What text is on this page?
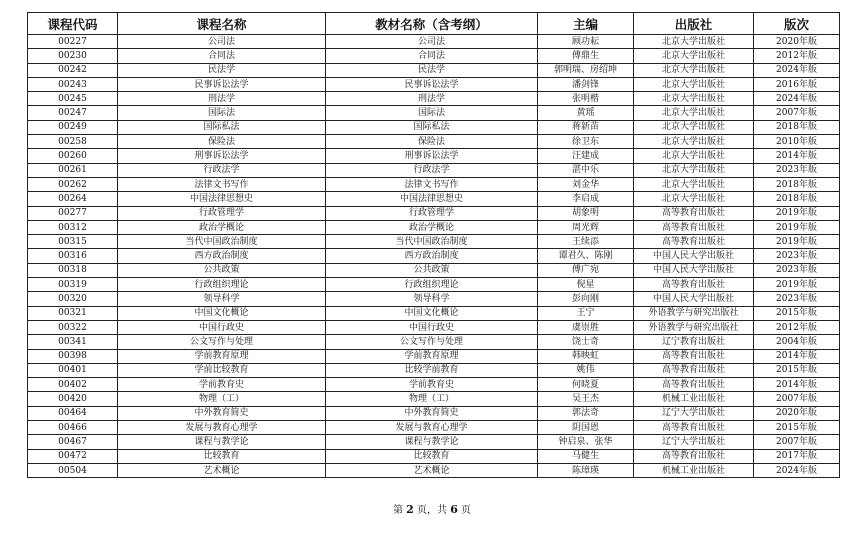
课程代码	课程名称	教材名称（含考纲）	主编	出版社	版次
00227	公司法	公司法	顾功耘	北京大学出版社	2020年版
00230	合同法	合同法	傅鼎生	北京大学出版社	2012年版
00242	民法学	民法学	郭明瑞、房绍坤	北京大学出版社	2024年版
00243	民事诉讼法学	民事诉讼法学	潘剑锋	北京大学出版社	2016年版
00245	刑法学	刑法学	张明楷	北京大学出版社	2024年版
00247	国际法	国际法	黄瑶	北京大学出版社	2007年版
00249	国际私法	国际私法	蒋新苗	北京大学出版社	2018年版
00258	保险法	保险法	徐卫东	北京大学出版社	2010年版
00260	刑事诉讼法学	刑事诉讼法学	汪建成	北京大学出版社	2014年版
00261	行政法学	行政法学	湛中乐	北京大学出版社	2023年版
00262	法律文书写作	法律文书写作	刘金华	北京大学出版社	2018年版
00264	中国法律思想史	中国法律思想史	李启成	北京大学出版社	2018年版
00277	行政管理学	行政管理学	胡象明	高等教育出版社	2019年版
00312	政治学概论	政治学概论	周光辉	高等教育出版社	2019年版
00315	当代中国政治制度	当代中国政治制度	王续添	高等教育出版社	2019年版
00316	西方政治制度	西方政治制度	谭君久、陈刚	中国人民大学出版社	2023年版
00318	公共政策	公共政策	傅广宛	中国人民大学出版社	2023年版
00319	行政组织理论	行政组织理论	倪星	高等教育出版社	2019年版
00320	领导科学	领导科学	彭向刚	中国人民大学出版社	2023年版
00321	中国文化概论	中国文化概论	王宁	外语教学与研究出版社	2015年版
00322	中国行政史	中国行政史	虞崇胜	外语教学与研究出版社	2012年版
00341	公文写作与处理	公文写作与处理	饶士奇	辽宁教育出版社	2004年版
00398	学前教育原理	学前教育原理	韩映虹	高等教育出版社	2014年版
00401	学前比较教育	比较学前教育	姚伟	高等教育出版社	2015年版
00402	学前教育史	学前教育史	何晓夏	高等教育出版社	2014年版
00420	物理（工）	物理（工）	吴王杰	机械工业出版社	2007年版
00464	中外教育简史	中外教育简史	郭法奇	辽宁大学出版社	2020年版
00466	发展与教育心理学	发展与教育心理学	阴国恩	高等教育出版社	2015年版
00467	课程与教学论	课程与教学论	钟启泉、张华	辽宁大学出版社	2007年版
00472	比较教育	比较教育	马健生	高等教育出版社	2017年版
00504	艺术概论	艺术概论	陈璋瑛	机械工业出版社	2024年版
第 2 页，共 6 页
